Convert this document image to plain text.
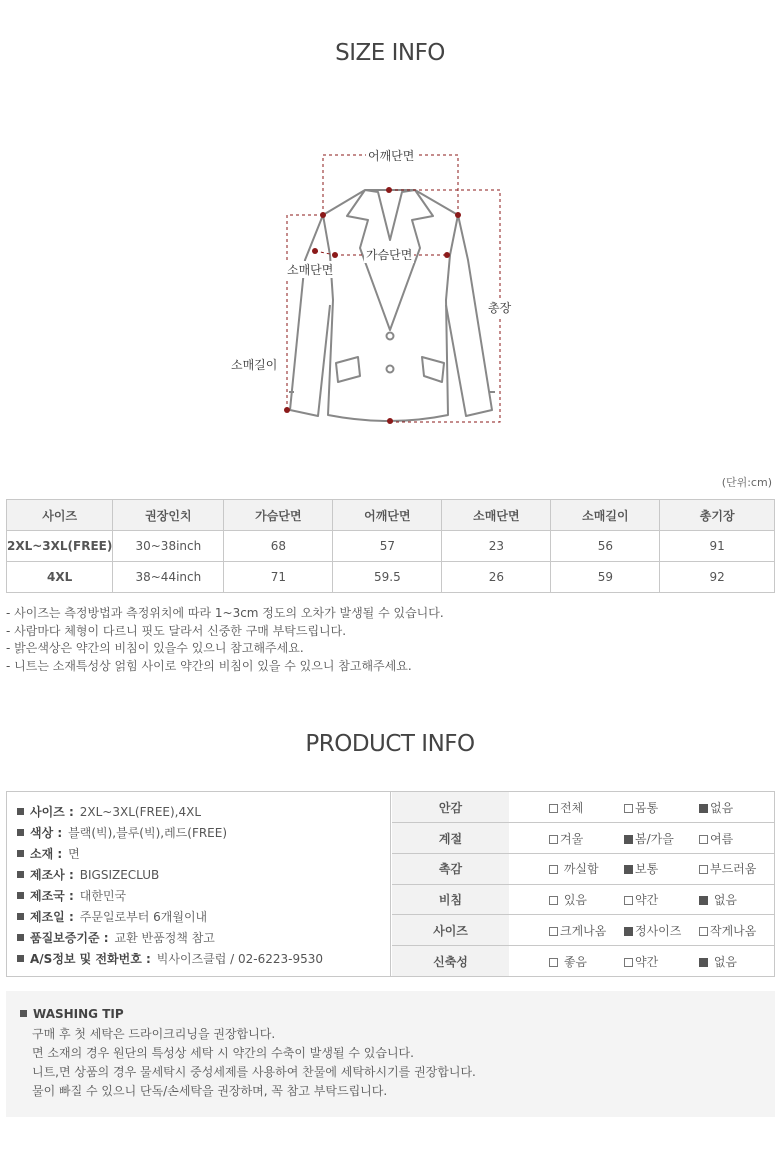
SIZE INFO
어깨단면
가슴단면
소매단면
총장
소매길이
(단위:cm)
사이즈	권장인치	가슴단면	어깨단면	소매단면	소매길이	총기장
2XL~3XL(FREE)	30~38inch	68	57	23	56	91
4XL	38~44inch	71	59.5	26	59	92
- 사이즈는 측정방법과 측정위치에 따라 1~3cm 정도의 오차가 발생될 수 있습니다.
- 사람마다 체형이 다르니 핏도 달라서 신중한 구매 부탁드립니다.
- 밝은색상은 약간의 비침이 있을수 있으니 참고해주세요.
- 니트는 소재특성상 얽힘 사이로 약간의 비침이 있을 수 있으니 참고해주세요.
PRODUCT INFO
사이즈 : 2XL~3XL(FREE),4XL
색상 : 블랙(빅),블루(빅),레드(FREE)
소재 : 면
제조사 : BIGSIZECLUB
제조국 : 대한민국
제조일 : 주문일로부터 6개월이내
품질보증기준 : 교환 반품정책 참고
A/S정보 및 전화번호 : 빅사이즈클럽 / 02-6223-9530
안감	전체 몸통 없음

계절	겨울 봄/가을 여름

촉감	까실함 보통 부드러움

비침	있음 약간 없음

사이즈	크게나옴 정사이즈 작게나옴

신축성	좋음 약간 없음
WASHING TIP
구매 후 첫 세탁은 드라이크리닝을 권장합니다.
면 소재의 경우 원단의 특성상 세탁 시 약간의 수축이 발생될 수 있습니다.
니트,면 상품의 경우 물세탁시 중성세제를 사용하여 찬물에 세탁하시기를 권장합니다.
물이 빠질 수 있으니 단독/손세탁을 권장하며, 꼭 참고 부탁드립니다.
